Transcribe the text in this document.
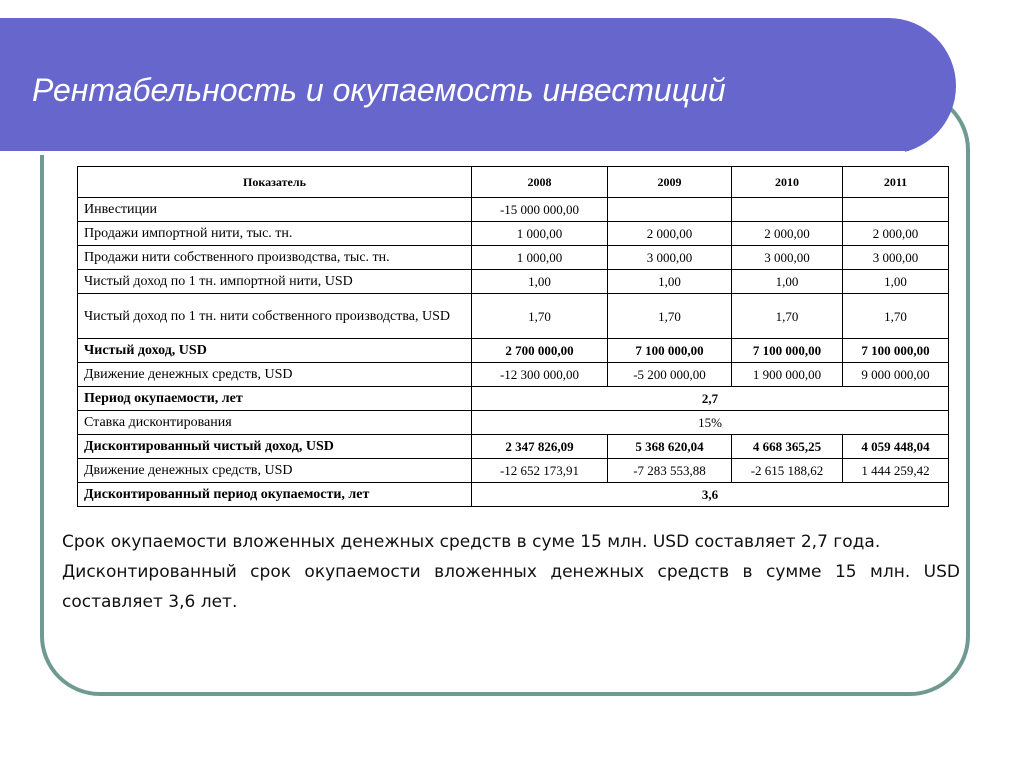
Рентабельность и окупаемость инвестиций
Показатель	2008	2009	2010	2011
Инвестиции	-15 000 000,00			
Продажи импортной нити, тыс. тн.	1 000,00	2 000,00	2 000,00	2 000,00
Продажи нити собственного производства, тыс. тн.	1 000,00	3 000,00	3 000,00	3 000,00
Чистый доход по 1 тн. импортной нити, USD	1,00	1,00	1,00	1,00
Чистый доход по 1 тн. нити собственного производства, USD	1,70	1,70	1,70	1,70
Чистый доход, USD	2 700 000,00	7 100 000,00	7 100 000,00	7 100 000,00
Движение денежных средств, USD	-12 300 000,00	-5 200 000,00	1 900 000,00	9 000 000,00
Период окупаемости, лет	2,7			
Ставка дисконтирования	15%			
Дисконтированный чистый доход, USD	2 347 826,09	5 368 620,04	4 668 365,25	4 059 448,04
Движение денежных средств, USD	-12 652 173,91	-7 283 553,88	-2 615 188,62	1 444 259,42
Дисконтированный период окупаемости, лет	3,6			

Срок окупаемости вложенных денежных средств в суме 15 млн. USD составляет 2,7 года.

Дисконтированный срок окупаемости вложенных денежных средств в сумме 15 млн. USD составляет 3,6 лет.
